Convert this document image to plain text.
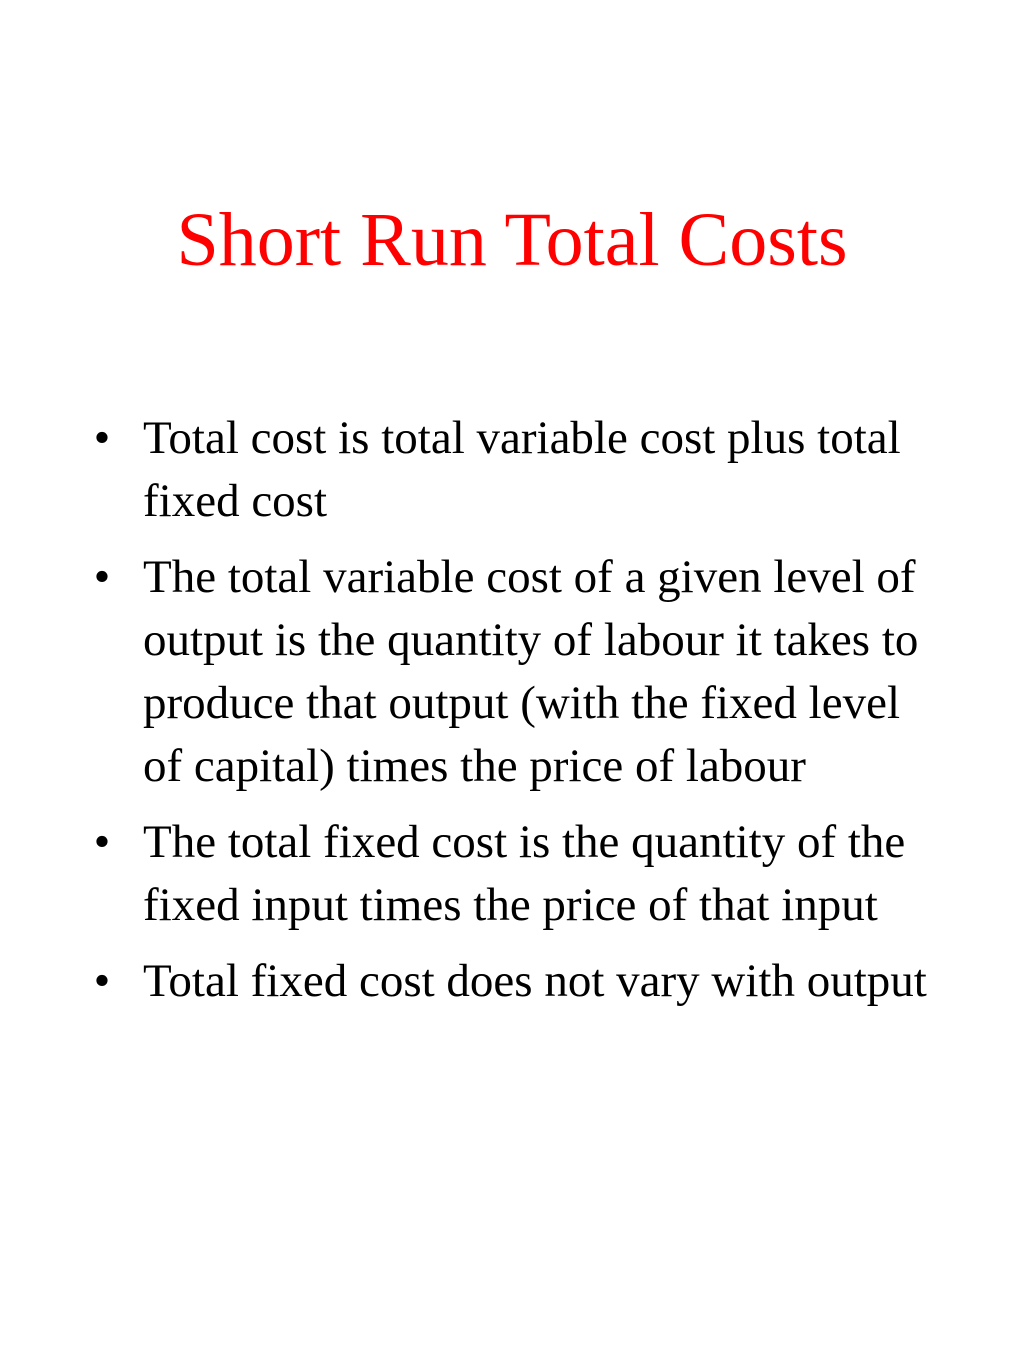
Short Run Total Costs
• Total cost is total variable cost plus total fixed cost
• The total variable cost of a given level of output is the quantity of labour it takes to produce that output (with the fixed level of capital) times the price of labour
• The total fixed cost is the quantity of the fixed input times the price of that input
• Total fixed cost does not vary with output
